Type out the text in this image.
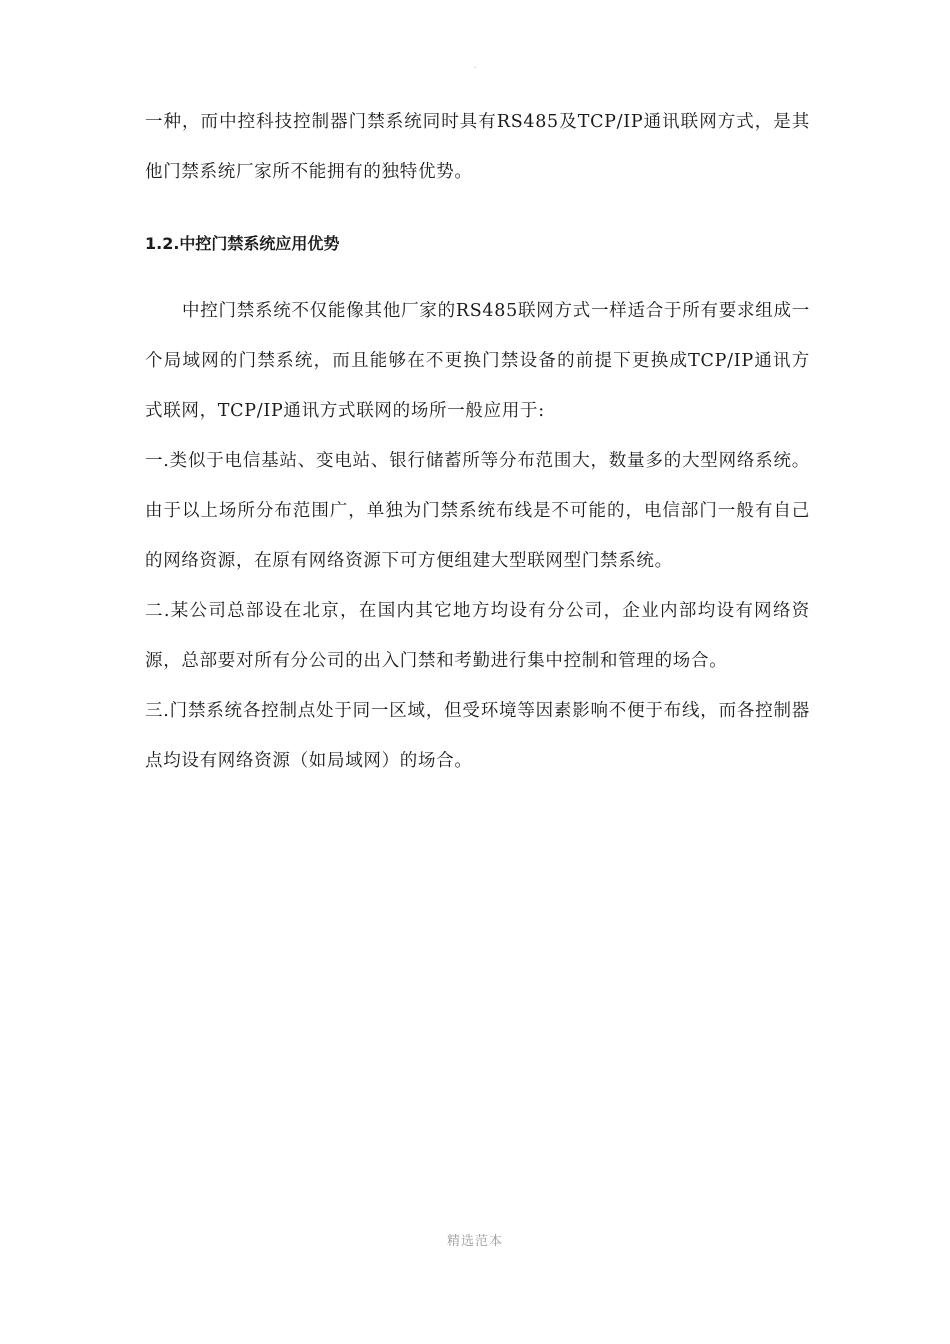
.

一种，而中控科技控制器门禁系统同时具有RS485及TCP/IP通讯联网方式，是其他门禁系统厂家所不能拥有的独特优势。

1.2.中控门禁系统应用优势

中控门禁系统不仅能像其他厂家的RS485联网方式一样适合于所有要求组成一个局域网的门禁系统，而且能够在不更换门禁设备的前提下更换成TCP/IP通讯方式联网，TCP/IP通讯方式联网的场所一般应用于:

一.类似于电信基站、变电站、银行储蓄所等分布范围大，数量多的大型网络系统。由于以上场所分布范围广，单独为门禁系统布线是不可能的，电信部门一般有自己的网络资源，在原有网络资源下可方便组建大型联网型门禁系统。

二.某公司总部设在北京，在国内其它地方均设有分公司，企业内部均设有网络资源，总部要对所有分公司的出入门禁和考勤进行集中控制和管理的场合。

三.门禁系统各控制点处于同一区域，但受环境等因素影响不便于布线，而各控制器点均设有网络资源（如局域网）的场合。

精选范本
